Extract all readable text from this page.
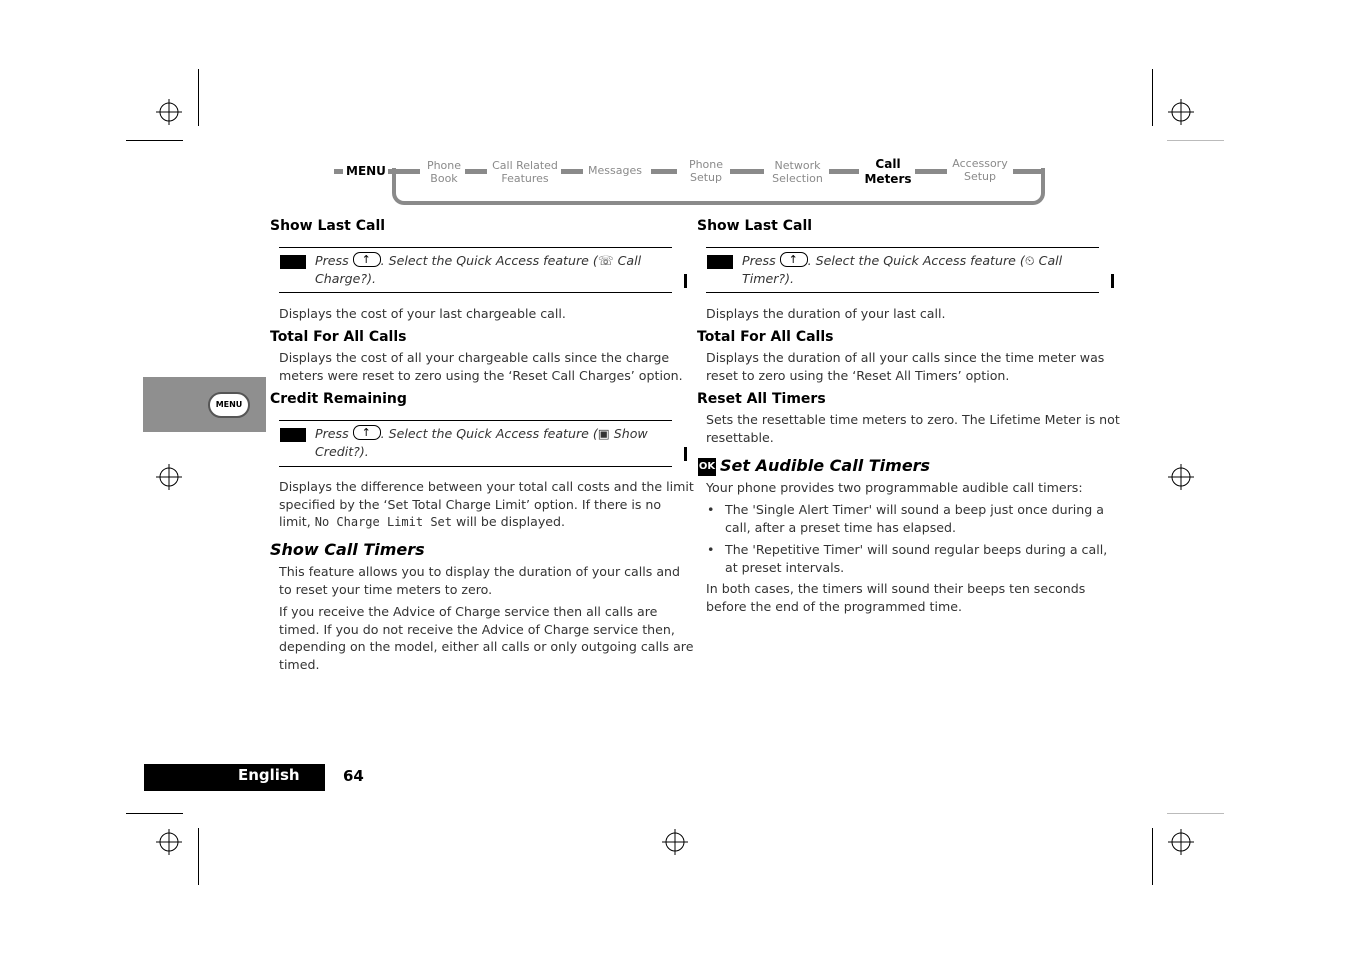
MENU	Phone
Book
Call Related
Features
Messages	Phone
Setup
Network
Selection
Call
Meters
Accessory
Setup
MENU
Show Last Call
Press ↑	. Select the Quick Access feature (☏ Call
Charge?).
Displays the cost of your last chargeable call.
Total For All Calls
Displays the cost of all your chargeable calls since the charge
meters were reset to zero using the ‘Reset Call Charges’ option.
Credit Remaining
Press ↑	. Select the Quick Access feature (▣ Show
Credit?).
Displays the difference between your total call costs and the limit
specified by the ‘Set Total Charge Limit’ option. If there is no
limit, No Charge Limit Set will be displayed.
Show Call Timers
This feature allows you to display the duration of your calls and
to reset your time meters to zero.
If you receive the Advice of Charge service then all calls are
timed. If you do not receive the Advice of Charge service then,
depending on the model, either all calls or only outgoing calls are
timed.
Show Last Call
Press ↑	. Select the Quick Access feature (⏲ Call
Timer?).
Displays the duration of your last call.
Total For All Calls
Displays the duration of all your calls since the time meter was
reset to zero using the ‘Reset All Timers’ option.
Reset All Timers
Sets the resettable time meters to zero. The Lifetime Meter is not
resettable.
OK Set Audible Call Timers
Your phone provides two programmable audible call timers:
• The 'Single Alert Timer' will sound a beep just once during a
call, after a preset time has elapsed.
• The 'Repetitive Timer' will sound regular beeps during a call,
at preset intervals.
In both cases, the timers will sound their beeps ten seconds
before the end of the programmed time.
English	64
